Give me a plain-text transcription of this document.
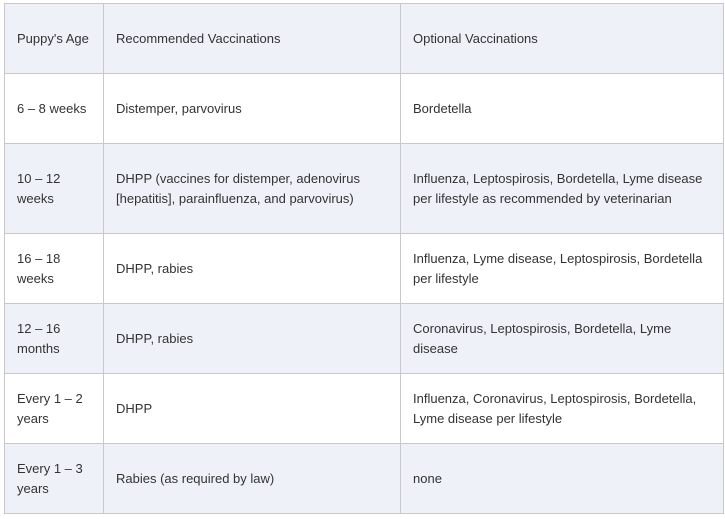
Puppy's Age	Recommended Vaccinations	Optional Vaccinations
6 – 8 weeks	Distemper, parvovirus	Bordetella
10 – 12 weeks	DHPP (vaccines for distemper, adenovirus [hepatitis], parainfluenza, and parvovirus)	Influenza, Leptospirosis, Bordetella, Lyme disease per lifestyle as recommended by veterinarian
16 – 18 weeks	DHPP, rabies	Influenza, Lyme disease, Leptospirosis, Bordetella per lifestyle
12 – 16 months	DHPP, rabies	Coronavirus, Leptospirosis, Bordetella, Lyme disease
Every 1 – 2 years	DHPP	Influenza, Coronavirus, Leptospirosis, Bordetella, Lyme disease per lifestyle
Every 1 – 3 years	Rabies (as required by law)	none
